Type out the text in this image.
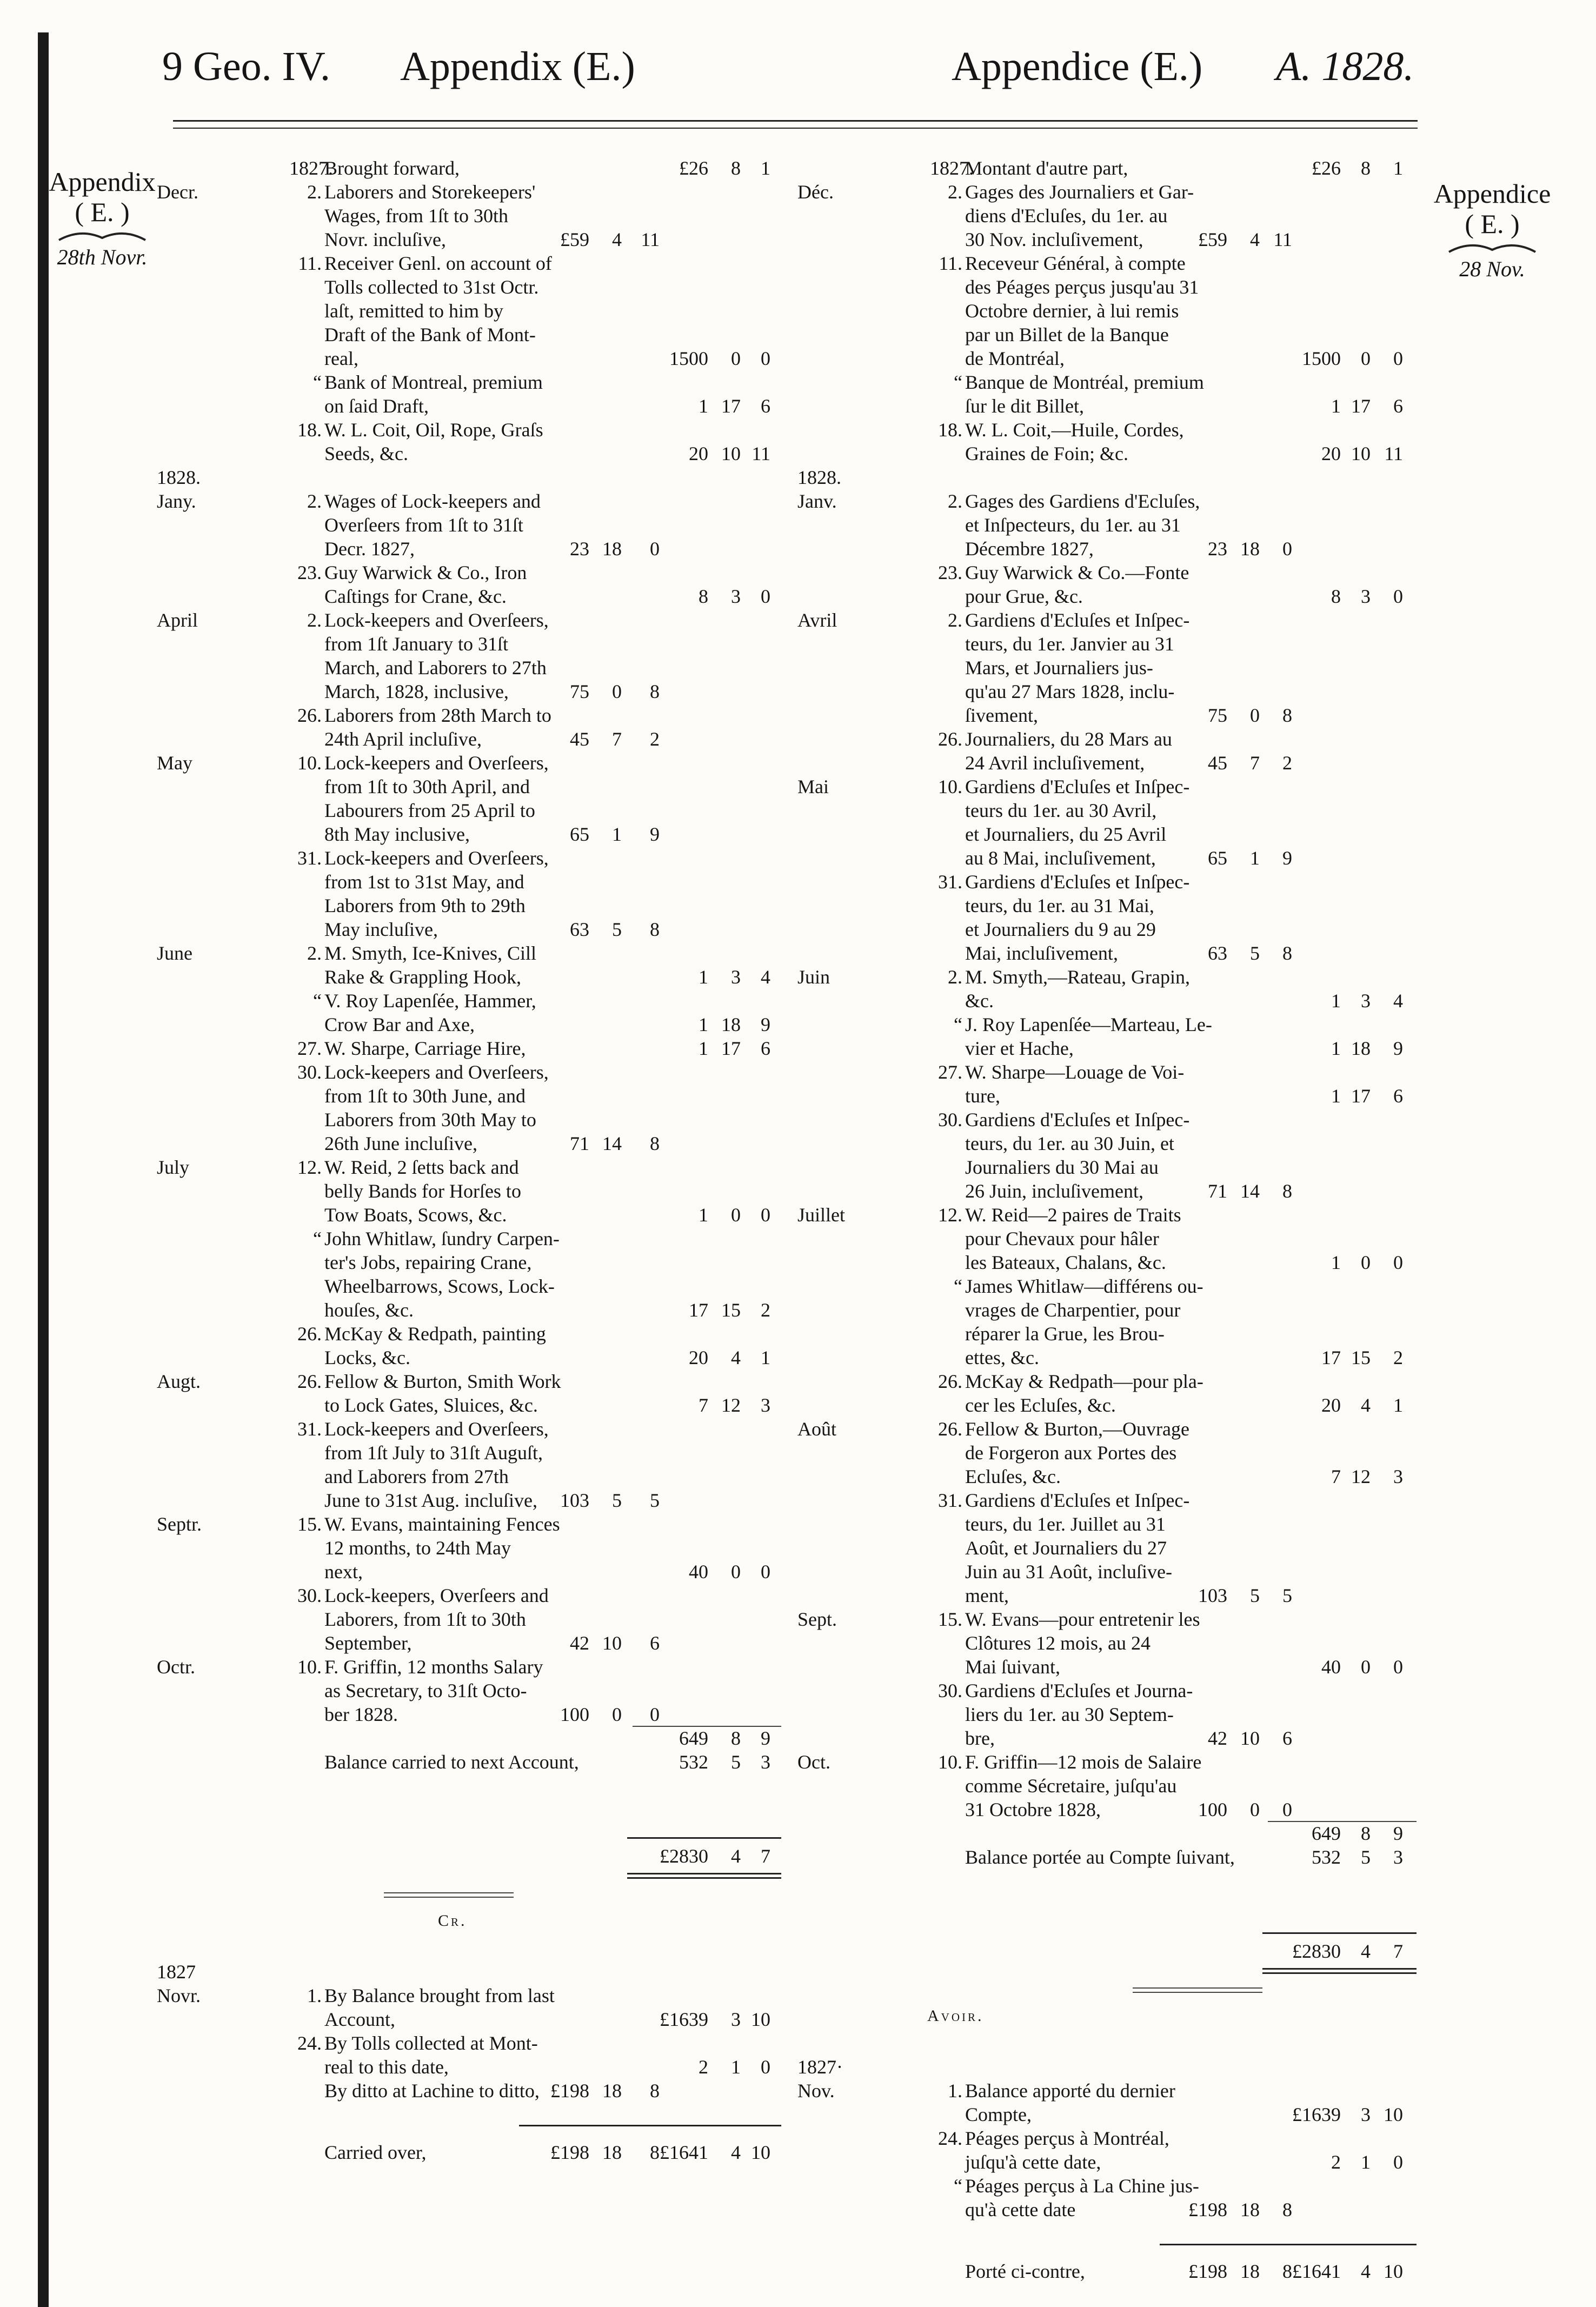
9 Geo. IV. Appendix (E.)	Appendice (E.) A. 1828.
Appendix
( E. )
28th Novr.
Appendice
( E. )
28 Nov.
1827.
Brought forward,	£26 8 1
Decr.	2. Laborers and Storekeepers'
Wages, from 1ſt to 30th
Novr. incluſive,	£59 4 11
11. Receiver Genl. on account of
Tolls collected to 31st Octr.
laſt, remitted to him by
Draft of the Bank of Mont-
real,	1500 0 0
“ Bank of Montreal, premium
on ſaid Draft,	1 17 6
18. W. L. Coit, Oil, Rope, Graſs
Seeds, &c.	20 10 11
1828.
Jany.	2. Wages of Lock-keepers and
Overſeers from 1ſt to 31ſt
Decr. 1827,	23 18 0
23. Guy Warwick & Co., Iron
Caſtings for Crane, &c.	8 3 0
April	2. Lock-keepers and Overſeers,
from 1ſt January to 31ſt
March, and Laborers to 27th
March, 1828, inclusive,	75 0 8
26. Laborers from 28th March to
24th April incluſive,	45 7 2
May	10. Lock-keepers and Overſeers,
from 1ſt to 30th April, and
Labourers from 25 April to
8th May inclusive,	65 1 9
31. Lock-keepers and Overſeers,
from 1st to 31st May, and
Laborers from 9th to 29th
May incluſive,	63 5 8
June	2. M. Smyth, Ice-Knives, Cill
Rake & Grappling Hook,	1 3 4
“ V. Roy Lapenſée, Hammer,
Crow Bar and Axe,	1 18 9
27. W. Sharpe, Carriage Hire,	1 17 6
30. Lock-keepers and Overſeers,
from 1ſt to 30th June, and
Laborers from 30th May to
26th June incluſive,	71 14 8
July	12. W. Reid, 2 ſetts back and
belly Bands for Horſes to
Tow Boats, Scows, &c.	1 0 0
“ John Whitlaw, ſundry Carpen-
ter's Jobs, repairing Crane,
Wheelbarrows, Scows, Lock-
houſes, &c.	17 15 2
26. McKay & Redpath, painting
Locks, &c.	20 4 1
Augt.	26. Fellow & Burton, Smith Work
to Lock Gates, Sluices, &c.	7 12 3
31. Lock-keepers and Overſeers,
from 1ſt July to 31ſt Auguſt,
and Laborers from 27th
June to 31st Aug. incluſive, 103 5 5
Septr.	15. W. Evans, maintaining Fences
12 months, to 24th May
next,	40 0 0
30. Lock-keepers, Overſeers and
Laborers, from 1ſt to 30th
September,	42 10 6
Octr.	10. F. Griffin, 12 months Salary
as Secretary, to 31ſt Octo-
ber 1828.	100 0 0
649 8 9
Balance carried to next Account,	532 5 3
£2830 4 7
Cr.
1827
Novr.	1. By Balance brought from last
Account,	£1639 3 10
24. By Tolls collected at Mont-
real to this date,	2 1 0
By ditto at Lachine to ditto, £198 18 8
Carried over,	£198 18 8 £1641 4 10
1827.
Montant d'autre part,	£26 8 1
Déc.	2. Gages des Journaliers et Gar-
diens d'Ecluſes, du 1er. au
30 Nov. incluſivement,	£59 4 11
11. Receveur Général, à compte
des Péages perçus jusqu'au 31
Octobre dernier, à lui remis
par un Billet de la Banque
de Montréal,	1500 0 0
“ Banque de Montréal, premium
ſur le dit Billet,	1 17 6
18. W. L. Coit,—Huile, Cordes,
Graines de Foin; &c.	20 10 11
1828.
Janv.	2. Gages des Gardiens d'Ecluſes,
et Inſpecteurs, du 1er. au 31
Décembre 1827,	23 18 0
23. Guy Warwick & Co.—Fonte
pour Grue, &c.	8 3 0
Avril	2. Gardiens d'Ecluſes et Inſpec-
teurs, du 1er. Janvier au 31
Mars, et Journaliers jus-
qu'au 27 Mars 1828, inclu-
ſivement,	75 0 8
26. Journaliers, du 28 Mars au
24 Avril incluſivement,	45 7 2
Mai	10. Gardiens d'Ecluſes et Inſpec-
teurs du 1er. au 30 Avril,
et Journaliers, du 25 Avril
au 8 Mai, incluſivement,	65 1 9
31. Gardiens d'Ecluſes et Inſpec-
teurs, du 1er. au 31 Mai,
et Journaliers du 9 au 29
Mai, incluſivement,	63 5 8
Juin	2. M. Smyth,—Rateau, Grapin,
&c.	1 3 4
“ J. Roy Lapenſée—Marteau, Le-
vier et Hache,	1 18 9
27. W. Sharpe—Louage de Voi-
ture,	1 17 6
30. Gardiens d'Ecluſes et Inſpec-
teurs, du 1er. au 30 Juin, et
Journaliers du 30 Mai au
26 Juin, incluſivement,	71 14 8
Juillet	12. W. Reid—2 paires de Traits
pour Chevaux pour hâler
les Bateaux, Chalans, &c.	1 0 0
“ James Whitlaw—différens ou-
vrages de Charpentier, pour
réparer la Grue, les Brou-
ettes, &c.	17 15 2
26. McKay & Redpath—pour pla-
cer les Ecluſes, &c.	20 4 1
Août	26. Fellow & Burton,—Ouvrage
de Forgeron aux Portes des
Ecluſes, &c.	7 12 3
31. Gardiens d'Ecluſes et Inſpec-
teurs, du 1er. Juillet au 31
Août, et Journaliers du 27
Juin au 31 Août, incluſive-
ment,	103 5 5
Sept.	15. W. Evans—pour entretenir les
Clôtures 12 mois, au 24
Mai ſuivant,	40 0 0
30. Gardiens d'Ecluſes et Journa-
liers du 1er. au 30 Septem-
bre,	42 10 6
Oct.	10. F. Griffin—12 mois de Salaire
comme Sécretaire, juſqu'au
31 Octobre 1828,	100 0 0
649 8 9
Balance portée au Compte ſuivant,	532 5 3
£2830 4 7
Avoir.
1827·
Nov.	1. Balance apporté du dernier
Compte,	£1639 3 10
24. Péages perçus à Montréal,
juſqu'à cette date,	2 1 0
“ Péages perçus à La Chine jus-
qu'à cette date	£198 18 8
Porté ci-contre,	£198 18 8 £1641 4 10
